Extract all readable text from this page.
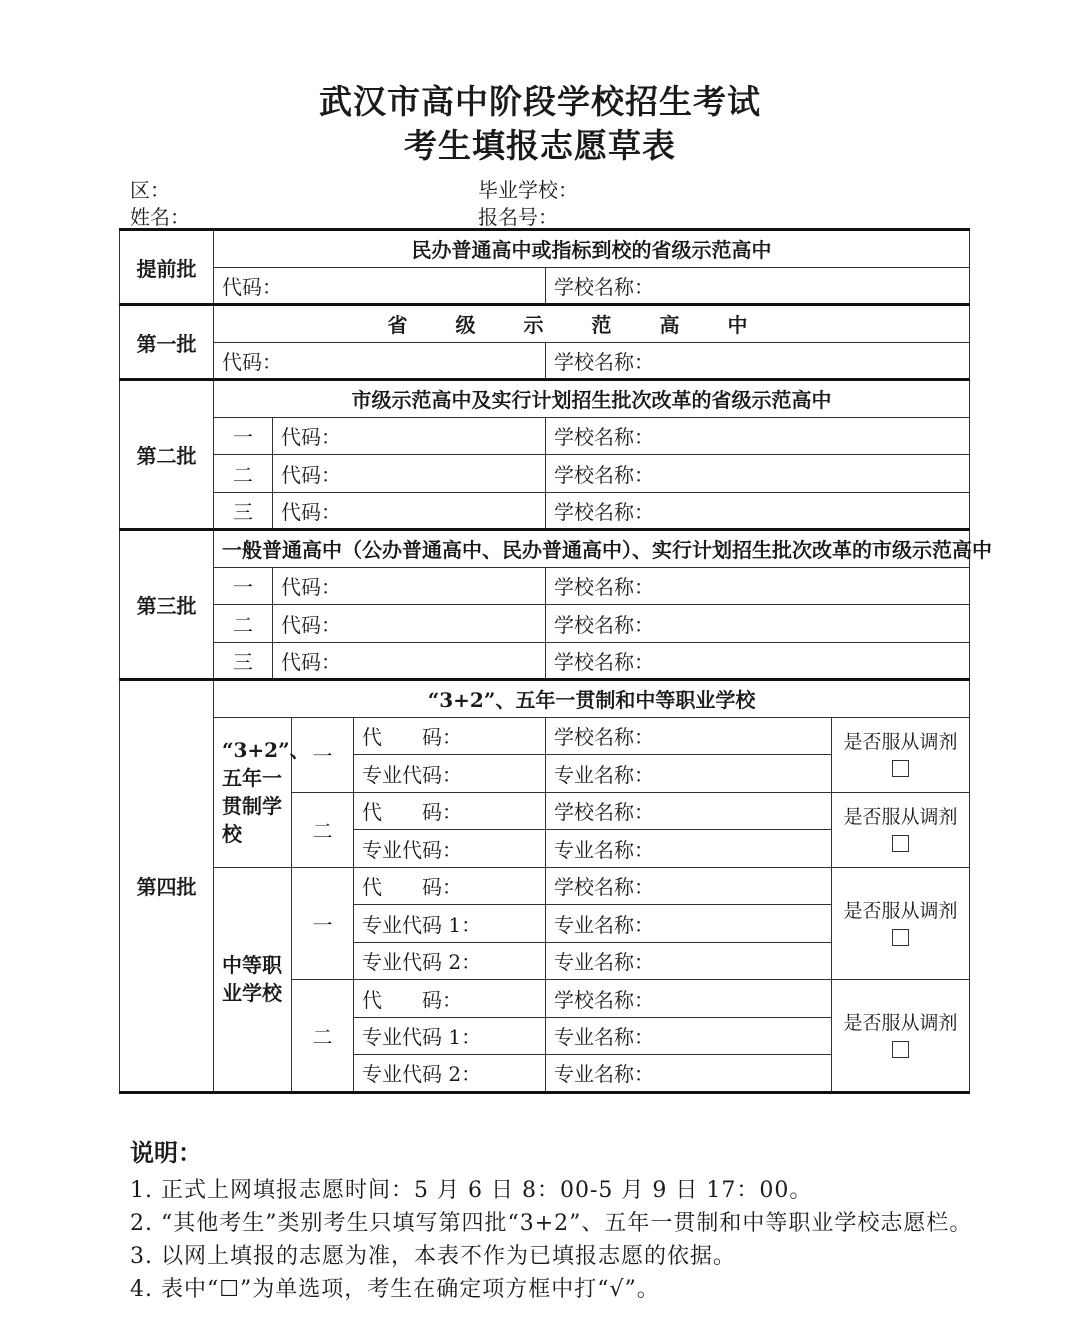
武汉市高中阶段学校招生考试
考生填报志愿草表
区：	毕业学校：
姓名：	报名号：
提前批	民办普通高中或指标到校的省级示范高中					
	代码：				学校名称：	
第一批	省级示范高中					
	代码：				学校名称：	
第二批	市级示范高中及实行计划招生批次改革的省级示范高中					
	一	代码：			学校名称：	
	二	代码：			学校名称：	
	三	代码：			学校名称：	
第三批	一般普通高中（公办普通高中、民办普通高中）、实行计划招生批次改革的市级示范高中					
	一	代码：			学校名称：	
	二	代码：			学校名称：	
	三	代码：			学校名称：	
第四批	“3+2”、五年一贯制和中等职业学校					
	“3+2”、五年一贯制学校		一	代　　码：	学校名称：	是否服从调剂

				专业代码：	专业名称：	
			二	代　　码：	学校名称：	是否服从调剂

				专业代码：	专业名称：	
	中等职业学校		一	代　　码：	学校名称：	是否服从调剂

				专业代码 1：	专业名称：	
				专业代码 2：	专业名称：	
			二	代　　码：	学校名称：	是否服从调剂

				专业代码 1：	专业名称：	
				专业代码 2：	专业名称：	
说明：
1. 正式上网填报志愿时间：5 月 6 日 8：00-5 月 9 日 17：00。
2. “其他考生”类别考生只填写第四批“3+2”、五年一贯制和中等职业学校志愿栏。
3. 以网上填报的志愿为准，本表不作为已填报志愿的依据。
4. 表中“☐”为单选项，考生在确定项方框中打“√”。
